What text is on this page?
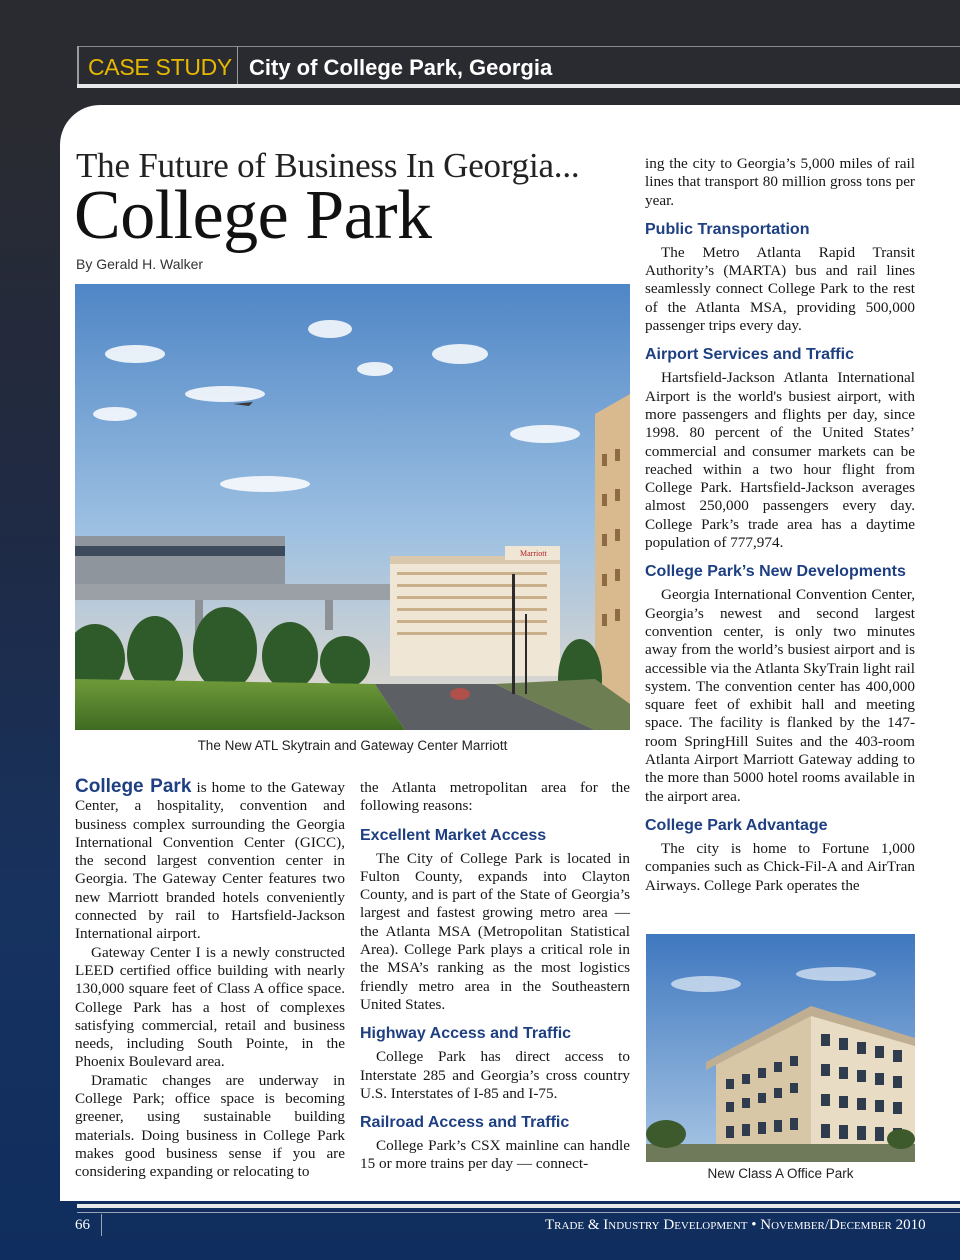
CASE STUDY City of College Park, Georgia
The Future of Business In Georgia...
College Park
By Gerald H. Walker
Marriott
The New ATL Skytrain and Gateway Center Marriott

College Park is home to the Gateway Center, a hospitality, convention and business complex surrounding the Georgia International Convention Center (GICC), the second largest convention center in Georgia. The Gateway Center features two new Marriott branded hotels conveniently connected by rail to Hartsfield-Jackson International airport.

Gateway Center I is a newly constructed LEED certified office building with nearly 130,000 square feet of Class A office space. College Park has a host of complexes satisfying commercial, retail and business needs, including South Pointe, in the Phoenix Boulevard area.

Dramatic changes are underway in College Park; office space is becoming greener, using sustainable building materials. Doing business in College Park makes good business sense if you are considering expanding or relocating to

the Atlanta metropolitan area for the following reasons:

Excellent Market Access

The City of College Park is located in Fulton County, expands into Clayton County, and is part of the State of Georgia’s largest and fastest growing metro area — the Atlanta MSA (Metropolitan Statistical Area). College Park plays a critical role in the MSA’s ranking as the most logistics friendly metro area in the Southeastern United States.

Highway Access and Traffic

College Park has direct access to Interstate 285 and Georgia’s cross country U.S. Interstates of I-85 and I-75.

Railroad Access and Traffic

College Park’s CSX mainline can handle 15 or more trains per day — connect-

ing the city to Georgia’s 5,000 miles of rail lines that transport 80 million gross tons per year.

Public Transportation

The Metro Atlanta Rapid Transit Authority’s (MARTA) bus and rail lines seamlessly connect College Park to the rest of the Atlanta MSA, providing 500,000 passenger trips every day.

Airport Services and Traffic

Hartsfield-Jackson Atlanta International Airport is the world's busiest airport, with more passengers and flights per day, since 1998. 80 percent of the United States’ commercial and consumer markets can be reached within a two hour flight from College Park. Hartsfield-Jackson averages almost 250,000 passengers every day. College Park’s trade area has a daytime population of 777,974.

College Park’s New Developments

Georgia International Convention Center, Georgia’s newest and second largest convention center, is only two minutes away from the world’s busiest airport and is accessible via the Atlanta SkyTrain light rail system. The convention center has 400,000 square feet of exhibit hall and meeting space. The facility is flanked by the 147-room SpringHill Suites and the 403-room Atlanta Airport Marriott Gateway adding to the more than 5000 hotel rooms available in the airport area.

College Park Advantage

The city is home to Fortune 1,000 companies such as Chick-Fil-A and AirTran Airways. College Park operates the

New Class A Office Park
66	Trade & Industry Development • November/December 2010
